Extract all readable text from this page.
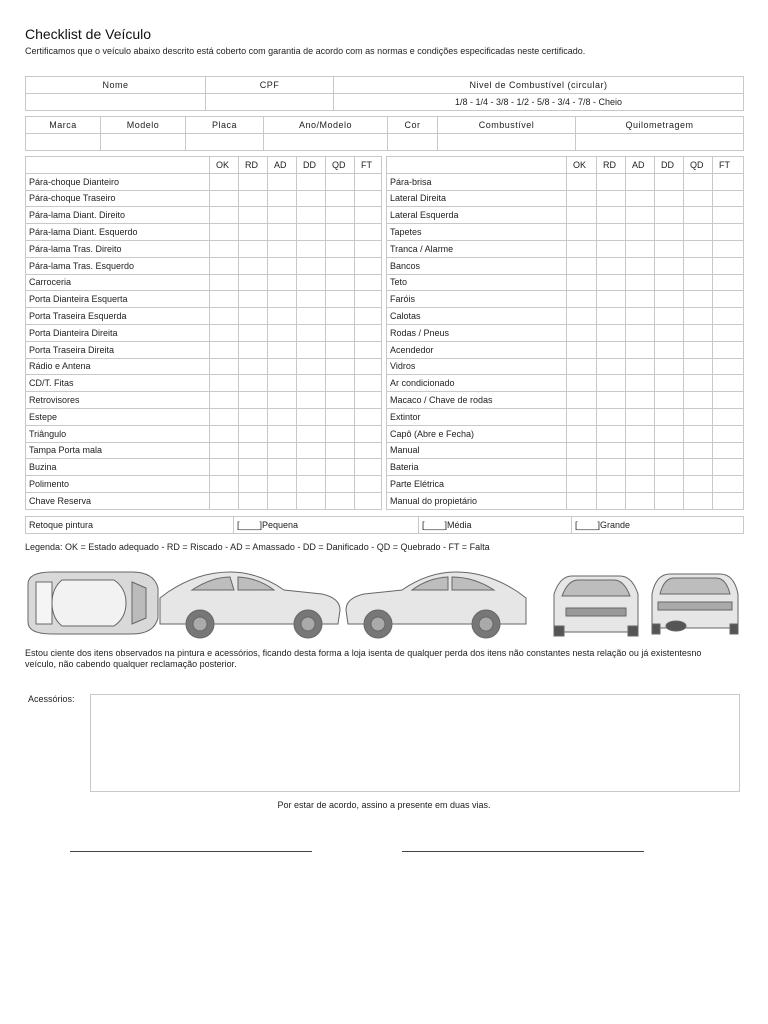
Checklist de Veículo
Certificamos que o veículo abaixo descrito está coberto com garantia de acordo com as normas e condições especificadas neste certificado.
Nome	CPF	Nivel de Combustível (circular)
		1/8 - 1/4 - 3/8 - 1/2 - 5/8 - 3/4 - 7/8 - Cheio
Marca	Modelo	Placa	Ano/Modelo	Cor	Combustível	Quilometragem

	OK	RD	AD	DD	QD	FT
Pára-choque Dianteiro						
Pára-choque Traseiro						
Pára-lama Diant. Direito						
Pára-lama Diant. Esquerdo						
Pára-lama Tras. Direito						
Pára-lama Tras. Esquerdo						
Carroceria						
Porta Dianteira Esquerta						
Porta Traseira Esquerda						
Porta Dianteira Direita						
Porta Traseira Direita						
Rádio e Antena						
CD/T. Fitas						
Retrovisores						
Estepe						
Triângulo						
Tampa Porta mala						
Buzina						
Polimento						
Chave Reserva						
	OK	RD	AD	DD	QD	FT
Pára-brisa						
Lateral Direita						
Lateral Esquerda						
Tapetes						
Tranca / Alarme						
Bancos						
Teto						
Faróis						
Calotas						
Rodas / Pneus						
Acendedor						
Vidros						
Ar condicionado						
Macaco / Chave de rodas						
Extintor						
Capô (Abre e Fecha)						
Manual						
Bateria						
Parte Elétrica						
Manual do propietário						
Retoque pintura	[____]Pequena	[____]Média	[____]Grande
Legenda: OK = Estado adequado - RD = Riscado - AD = Amassado - DD = Danificado - QD = Quebrado - FT = Falta
Estou ciente dos itens observados na pintura e acessórios, ficando desta forma a loja isenta de qualquer perda dos itens não constantes nesta relação ou já existentesno veículo, não cabendo qualquer reclamação posterior.
Acessórios:
Por estar de acordo, assino a presente em duas vias.
